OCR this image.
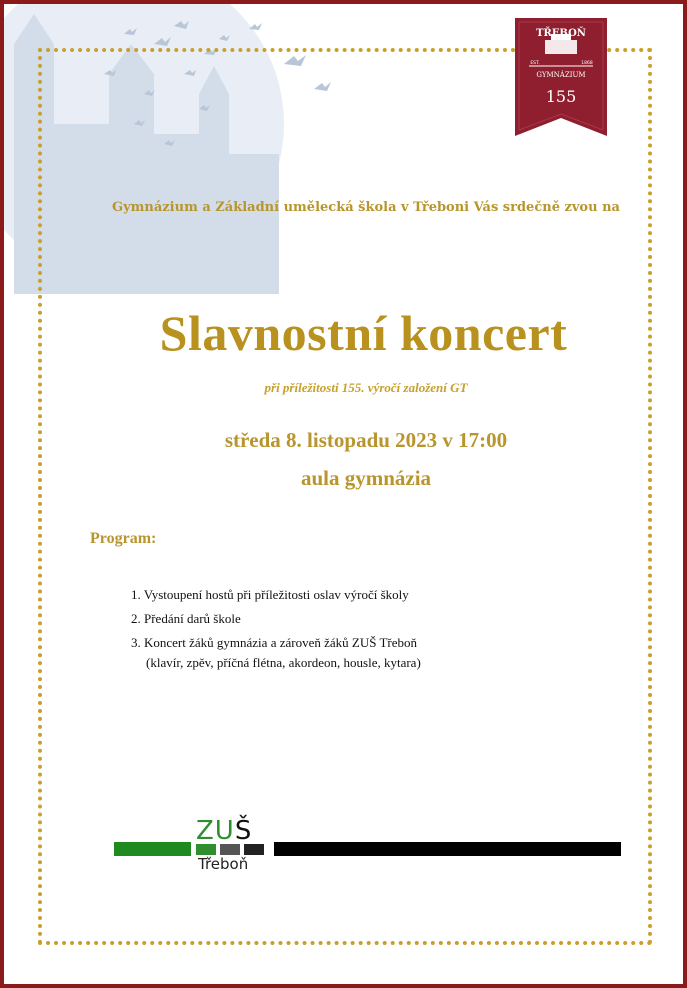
TŘEBOŇ
EST.	1868
GYMNÁZIUM
155
Gymnázium a Základní umělecká škola v Třeboni Vás srdečně zvou na
Slavnostní koncert
při příležitosti 155. výročí založení GT
středa 8. listopadu 2023 v 17:00
aula gymnázia
Program:
1. Vystoupení hostů při příležitosti oslav výročí školy
2. Předání darů škole
3. Koncert žáků gymnázia a zároveň žáků ZUŠ Třeboň
(klavír, zpěv, příčná flétna, akordeon, housle, kytara)
ZUŠ
Třeboň
